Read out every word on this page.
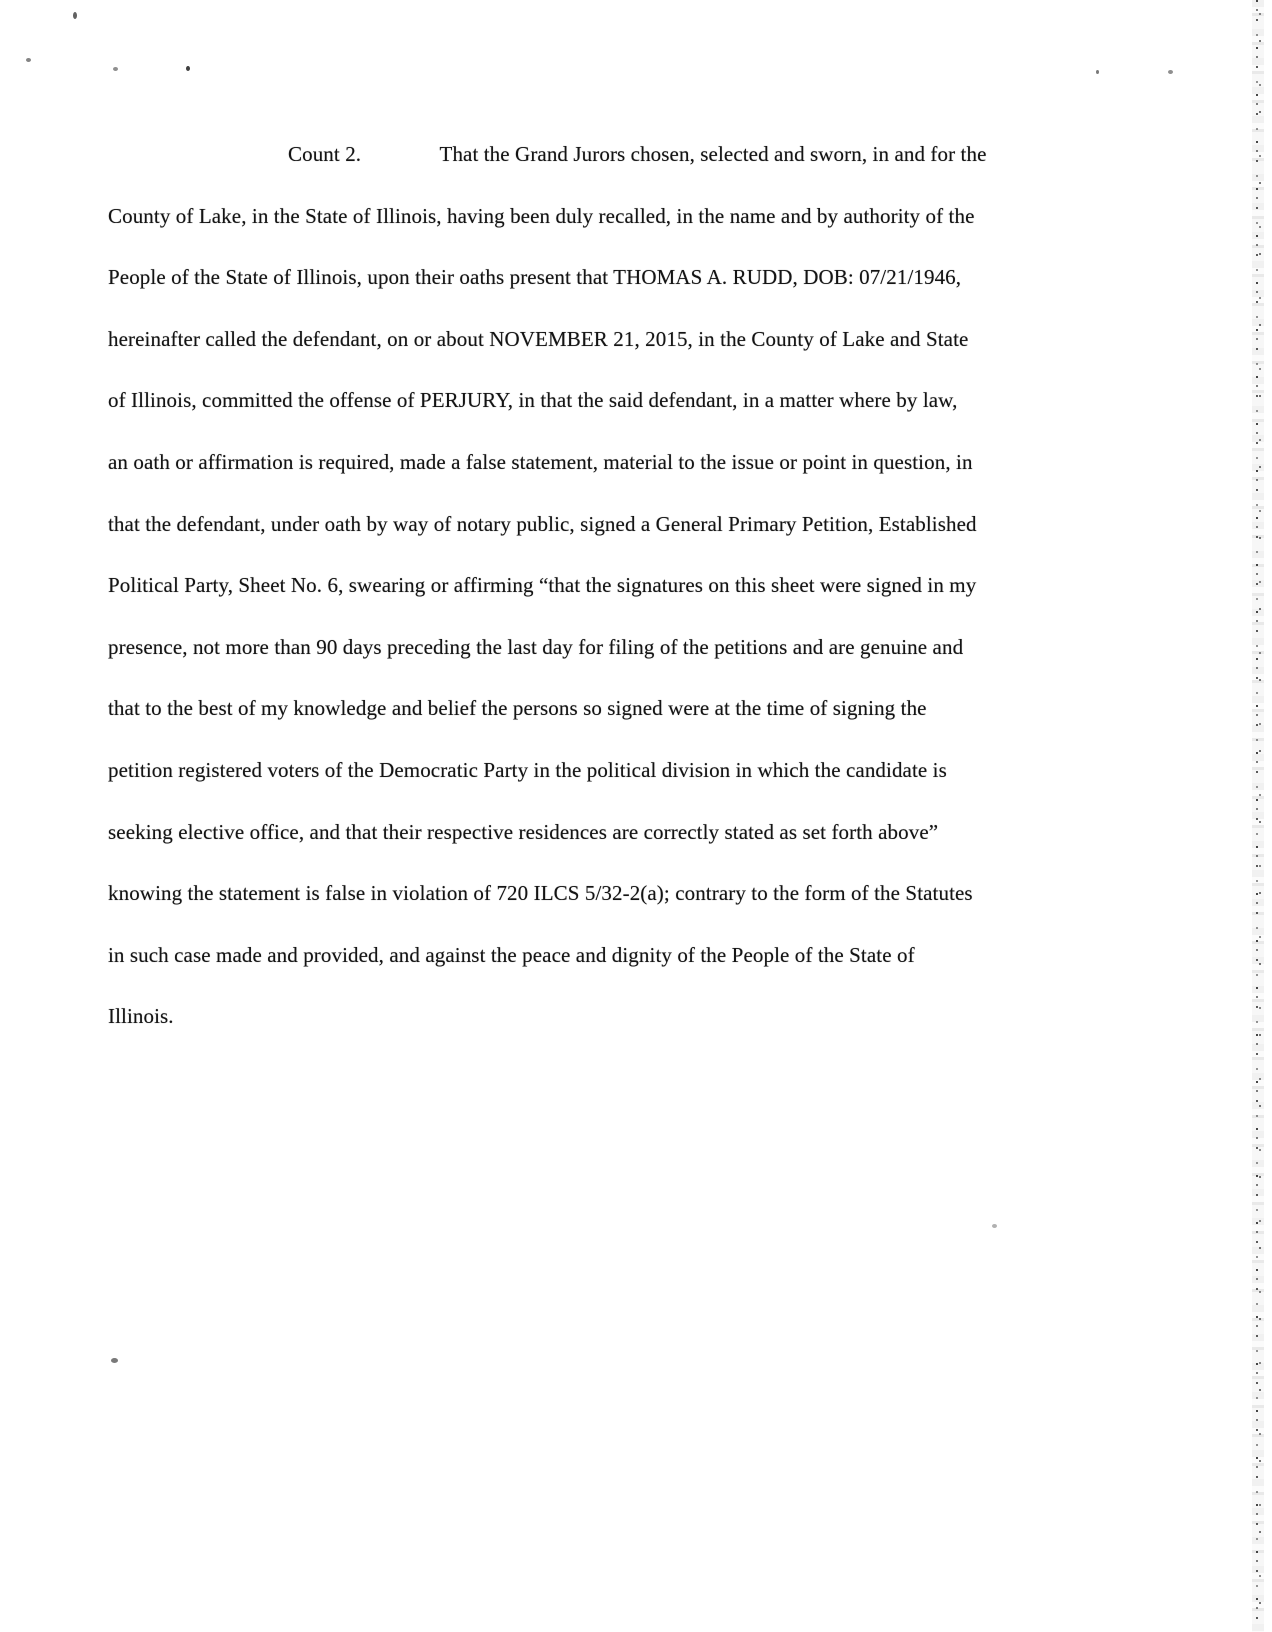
Count 2.	That the Grand Jurors chosen, selected and sworn, in and for the
County of Lake, in the State of Illinois, having been duly recalled, in the name and by authority of the
People of the State of Illinois, upon their oaths present that THOMAS A. RUDD, DOB: 07/21/1946,
hereinafter called the defendant, on or about NOVEMBER 21, 2015, in the County of Lake and State
of Illinois, committed the offense of PERJURY, in that the said defendant, in a matter where by law,
an oath or affirmation is required, made a false statement, material to the issue or point in question, in
that the defendant, under oath by way of notary public, signed a General Primary Petition, Established
Political Party, Sheet No. 6, swearing or affirming “that the signatures on this sheet were signed in my
presence, not more than 90 days preceding the last day for filing of the petitions and are genuine and
that to the best of my knowledge and belief the persons so signed were at the time of signing the
petition registered voters of the Democratic Party in the political division in which the candidate is
seeking elective office, and that their respective residences are correctly stated as set forth above”
knowing the statement is false in violation of 720 ILCS 5/32-2(a); contrary to the form of the Statutes
in such case made and provided, and against the peace and dignity of the People of the State of
Illinois.
